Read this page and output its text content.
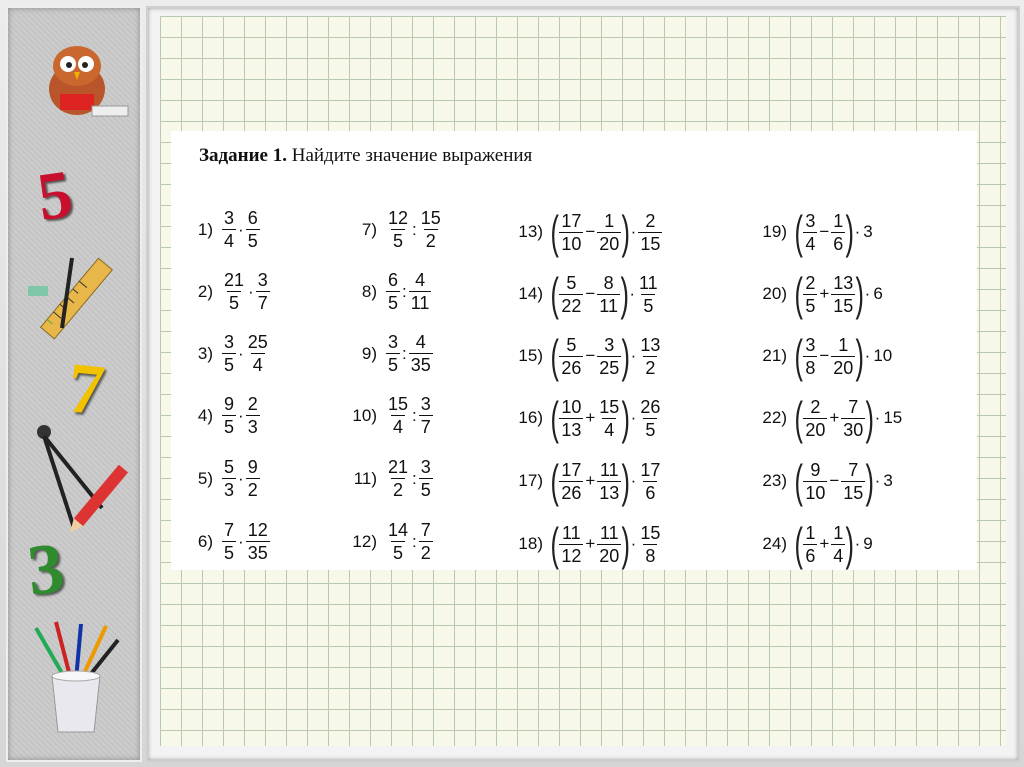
5
7
3
Задание 1. Найдите значение выражения
$1) \frac{3}{4} \cdot \frac{6}{5}$
$2) \frac{21}{5} \cdot \frac{3}{7}$
$3) \frac{3}{5} \cdot \frac{25}{4}$
$4) \frac{9}{5} \cdot \frac{2}{3}$
$5) \frac{5}{3} \cdot \frac{9}{2}$
$6) \frac{7}{5} \cdot \frac{12}{35}$
$7) \frac{12}{5}$ : $\frac{15}{2}$
$8) \frac{6}{5}$ : $\frac{4}{11}$
$9) \frac{3}{5}$ : $\frac{4}{35}$
$10) \frac{15}{4}$ : $\frac{3}{7}$
$11) \frac{21}{2}$ : $\frac{3}{5}$
$12) \frac{14}{5}$ : $\frac{7}{2}$
13) ( $\frac{17}{10} - \frac{1}{20}$ ) · $\frac{2}{15}$
14) ( $\frac{5}{22} - \frac{8}{11}$ ) · $\frac{11}{5}$
15) ( $\frac{5}{26} - \frac{3}{25}$ ) · $\frac{13}{2}$
16) ( $\frac{10}{13} + \frac{15}{4}$ ) · $\frac{26}{5}$
17) ( $\frac{17}{26} + \frac{11}{13}$ ) · $\frac{17}{6}$
18) ( $\frac{11}{12} + \frac{11}{20}$ ) · $\frac{15}{8}$
19) ( $\frac{3}{4} - \frac{1}{6}$ ) · 3
20) ( $\frac{2}{5} + \frac{13}{15}$ ) · 6
21) ( $\frac{3}{8} - \frac{1}{20}$ ) · 10
22) ( $\frac{2}{20} + \frac{7}{30}$ ) · 15
23) ( $\frac{9}{10} - \frac{7}{15}$ ) · 3
24) ( $\frac{1}{6} + \frac{1}{4}$ ) · 9
